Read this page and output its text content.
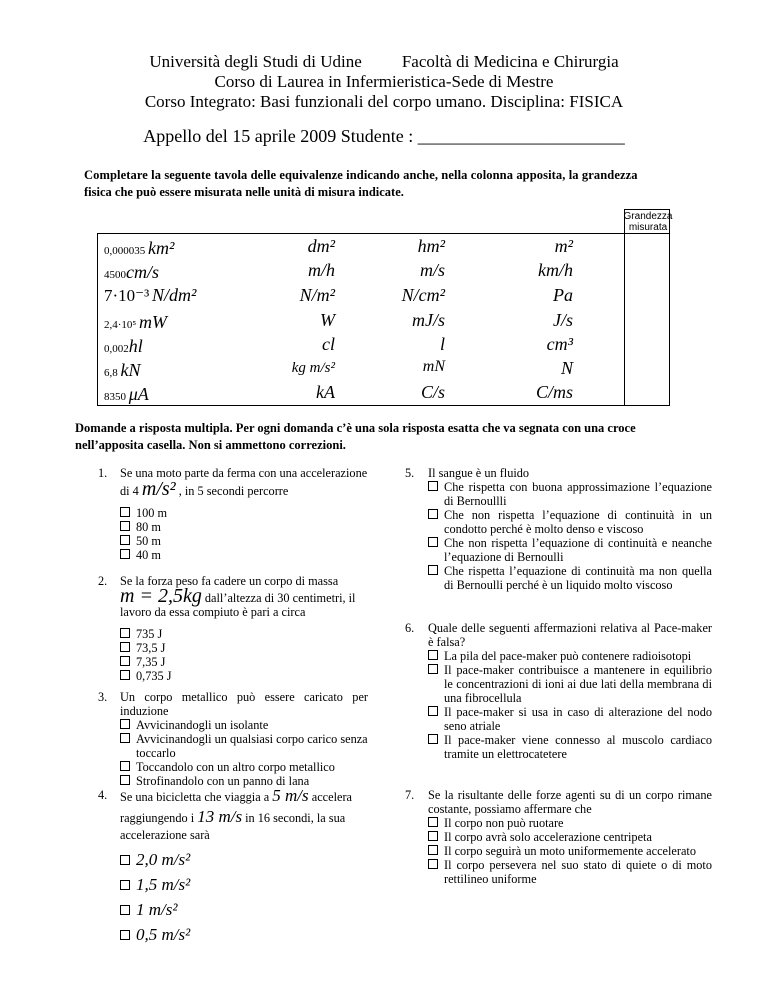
Università degli Studi di Udine Facoltà di Medicina e Chirurgia
Corso di Laurea in Infermieristica-Sede di Mestre
Corso Integrato: Basi funzionali del corpo umano. Disciplina: FISICA
Appello del 15 aprile 2009 Studente : _______________________
Completare la seguente tavola delle equivalenze indicando anche, nella colonna apposita, la grandezza
fisica che può essere misurata nelle unità di misura indicate.
Grandezza
misurata
0,000035 km²	dm²	hm²	m²
4500cm/s	m/h	m/s	km/h
7·10⁻³ N/dm²	N/m²	N/cm²	Pa
2,4·10⁵ mW	W	mJ/s	J/s
0,002hl	cl	l	cm³
6,8 kN	kg m/s²	mN	N
8350 μA	kA	C/s	C/ms
Domande a risposta multipla. Per ogni domanda c’è una sola risposta esatta che va segnata con una croce
nell’apposita casella. Non si ammettono correzioni.
1. Se una moto parte da ferma con una accelerazione
di 4 m/s² , in 5 secondi percorre
100 m
80 m
50 m
40 m
2. Se la forza peso fa cadere un corpo di massa
m = 2,5kg dall’altezza di 30 centimetri, il
lavoro da essa compiuto è pari a circa
735 J
73,5 J
7,35 J
0,735 J
3. Un corpo metallico può essere caricato per induzione
Avvicinandogli un isolante
Avvicinandogli un qualsiasi corpo carico senza toccarlo
Toccandolo con un altro corpo metallico
Strofinandolo con un panno di lana
4. Se una bicicletta che viaggia a 5 m/s accelera
raggiungendo i 13 m/s in 16 secondi, la sua
accelerazione sarà
2,0 m/s²
1,5 m/s²
1 m/s²
0,5 m/s²
5. Il sangue è un fluido
Che rispetta con buona approssimazione l’equazione di Bernoullli
Che non rispetta l’equazione di continuità in un condotto perché è molto denso e viscoso
Che non rispetta l’equazione di continuità e neanche l’equazione di Bernoulli
Che rispetta l’equazione di continuità ma non quella di Bernoulli perché è un liquido molto viscoso
6. Quale delle seguenti affermazioni relativa al Pace-maker è falsa?
La pila del pace-maker può contenere radioisotopi
Il pace-maker contribuisce a mantenere in equilibrio le concentrazioni di ioni ai due lati della membrana di una fibrocellula
Il pace-maker si usa in caso di alterazione del nodo seno atriale
Il pace-maker viene connesso al muscolo cardiaco tramite un elettrocatetere
7. Se la risultante delle forze agenti su di un corpo rimane costante, possiamo affermare che
Il corpo non può ruotare
Il corpo avrà solo accelerazione centripeta
Il corpo seguirà un moto uniformemente accelerato
Il corpo persevera nel suo stato di quiete o di moto rettilineo uniforme
